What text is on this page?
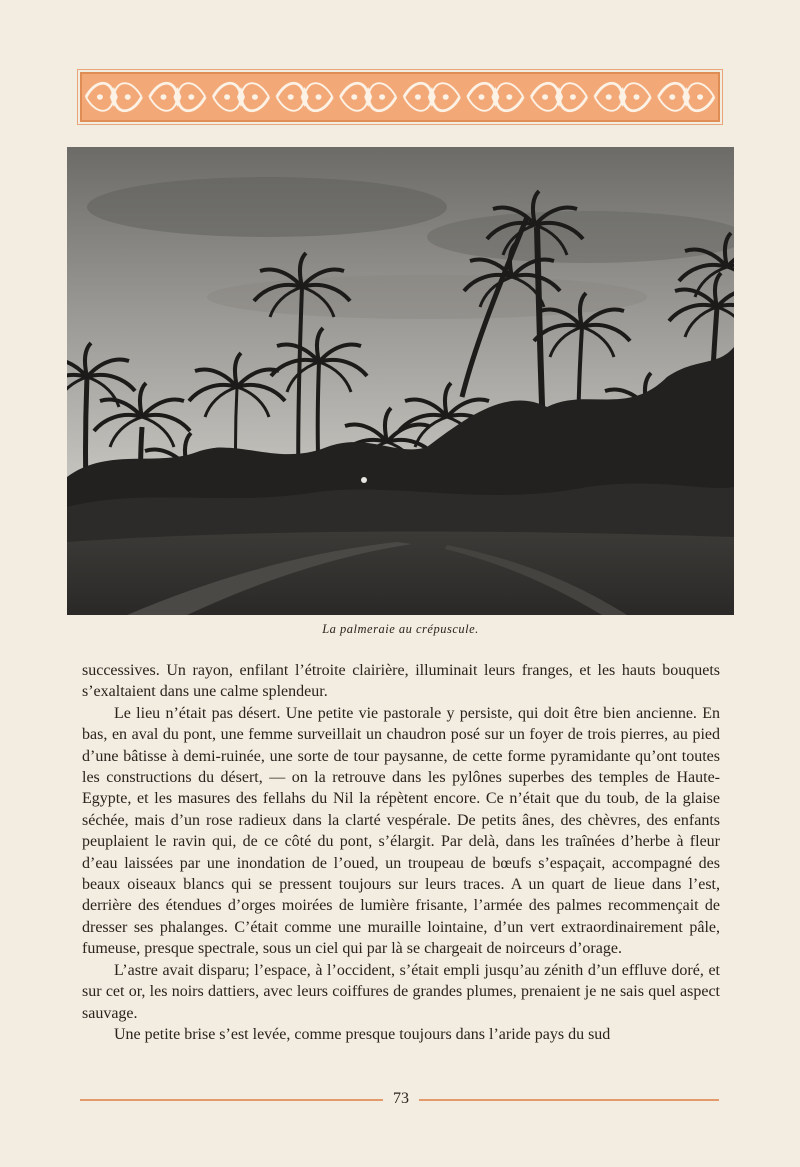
La palmeraie au crépuscule.

successives. Un rayon, enfilant l’étroite clairière, illuminait leurs franges, et les hauts bouquets s’exaltaient dans une calme splendeur.

Le lieu n’était pas désert. Une petite vie pastorale y persiste, qui doit être bien ancienne. En bas, en aval du pont, une femme surveillait un chaudron posé sur un foyer de trois pierres, au pied d’une bâtisse à demi-ruinée, une sorte de tour paysanne, de cette forme pyramidante qu’ont toutes les constructions du désert, — on la retrouve dans les pylônes superbes des temples de Haute-Egypte, et les masures des fellahs du Nil la répètent encore. Ce n’était que du toub, de la glaise séchée, mais d’un rose radieux dans la clarté vespérale. De petits ânes, des chèvres, des enfants peuplaient le ravin qui, de ce côté du pont, s’élargit. Par delà, dans les traînées d’herbe à fleur d’eau laissées par une inondation de l’oued, un troupeau de bœufs s’espaçait, accompagné des beaux oiseaux blancs qui se pressent toujours sur leurs traces. A un quart de lieue dans l’est, derrière des étendues d’orges moirées de lumière frisante, l’armée des palmes recommençait de dresser ses phalanges. C’était comme une muraille lointaine, d’un vert extraordinairement pâle, fumeuse, presque spectrale, sous un ciel qui par là se chargeait de noirceurs d’orage.

L’astre avait disparu; l’espace, à l’occident, s’était empli jusqu’au zénith d’un effluve doré, et sur cet or, les noirs dattiers, avec leurs coiffures de grandes plumes, prenaient je ne sais quel aspect sauvage.

Une petite brise s’est levée, comme presque toujours dans l’aride pays du sud

73
